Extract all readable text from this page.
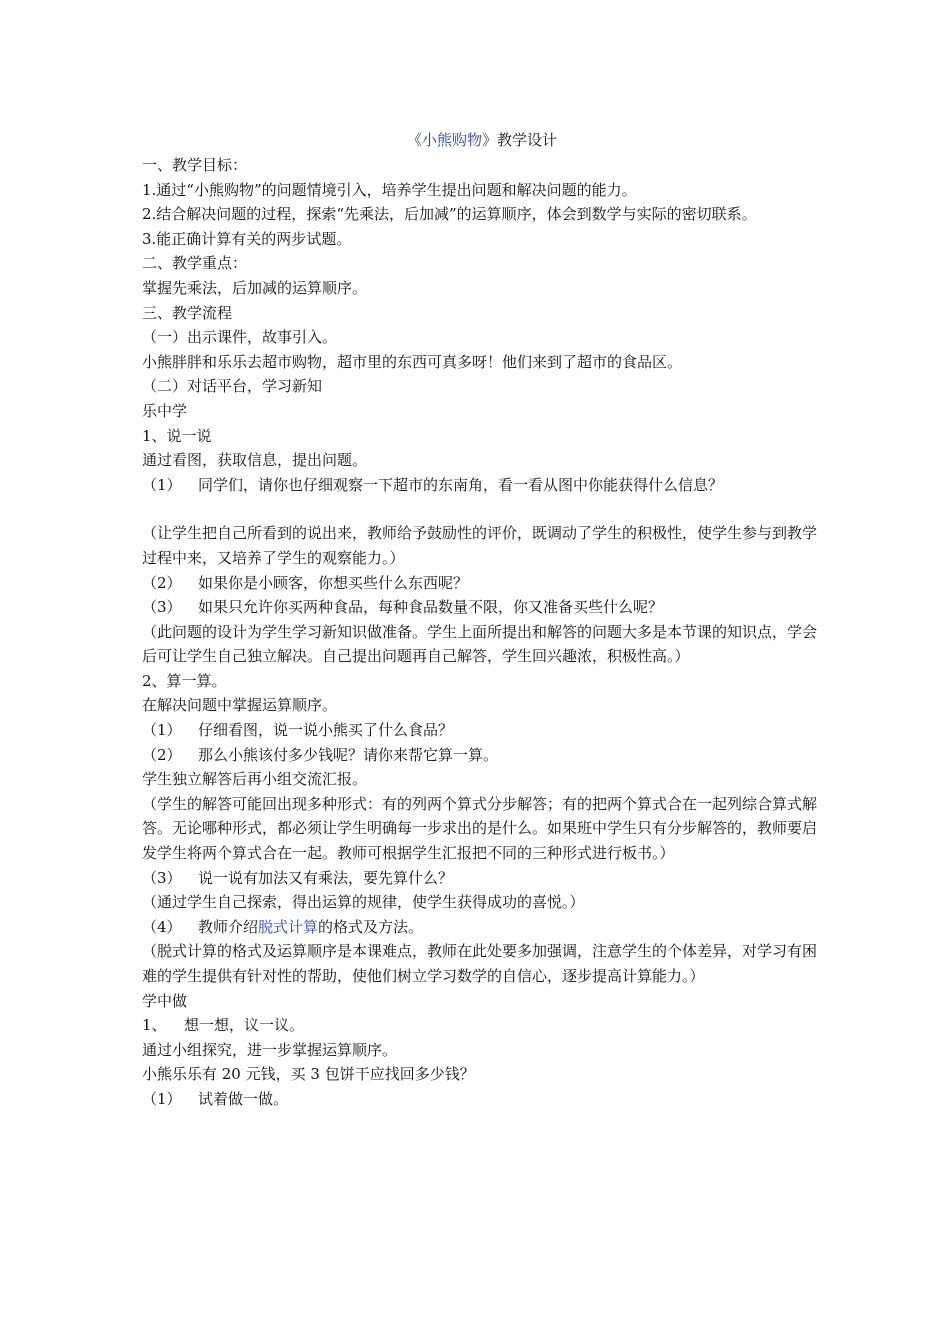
《小熊购物》教学设计
一、教学目标：
1.通过“小熊购物”的问题情境引入，培养学生提出问题和解决问题的能力。
2.结合解决问题的过程，探索“先乘法，后加减”的运算顺序，体会到数学与实际的密切联系。
3.能正确计算有关的两步试题。
二、教学重点：
掌握先乘法，后加减的运算顺序。
三、教学流程
（一）出示课件，故事引入。
小熊胖胖和乐乐去超市购物，超市里的东西可真多呀！他们来到了超市的食品区。
（二）对话平台，学习新知
乐中学
1、说一说
通过看图，获取信息，提出问题。
（1） 同学们，请你也仔细观察一下超市的东南角，看一看从图中你能获得什么信息？
（让学生把自己所看到的说出来，教师给予鼓励性的评价，既调动了学生的积极性，使学生参与到教学过程中来，又培养了学生的观察能力。）
（2） 如果你是小顾客，你想买些什么东西呢？
（3） 如果只允许你买两种食品，每种食品数量不限，你又准备买些什么呢？
（此问题的设计为学生学习新知识做准备。学生上面所提出和解答的问题大多是本节课的知识点，学会后可让学生自己独立解决。自己提出问题再自己解答，学生回兴趣浓，积极性高。）
2、算一算。
在解决问题中掌握运算顺序。
（1） 仔细看图，说一说小熊买了什么食品？
（2） 那么小熊该付多少钱呢？请你来帮它算一算。
学生独立解答后再小组交流汇报。
（学生的解答可能回出现多种形式：有的列两个算式分步解答；有的把两个算式合在一起列综合算式解答。无论哪种形式，都必须让学生明确每一步求出的是什么。如果班中学生只有分步解答的，教师要启发学生将两个算式合在一起。教师可根据学生汇报把不同的三种形式进行板书。）
（3） 说一说有加法又有乘法，要先算什么？
（通过学生自己探索，得出运算的规律，使学生获得成功的喜悦。）
（4） 教师介绍脱式计算的格式及方法。
（脱式计算的格式及运算顺序是本课难点，教师在此处要多加强调，注意学生的个体差异，对学习有困难的学生提供有针对性的帮助，使他们树立学习数学的自信心，逐步提高计算能力。）
学中做
1、 想一想，议一议。
通过小组探究，进一步掌握运算顺序。
小熊乐乐有 20 元钱，买 3 包饼干应找回多少钱？
（1） 试着做一做。
